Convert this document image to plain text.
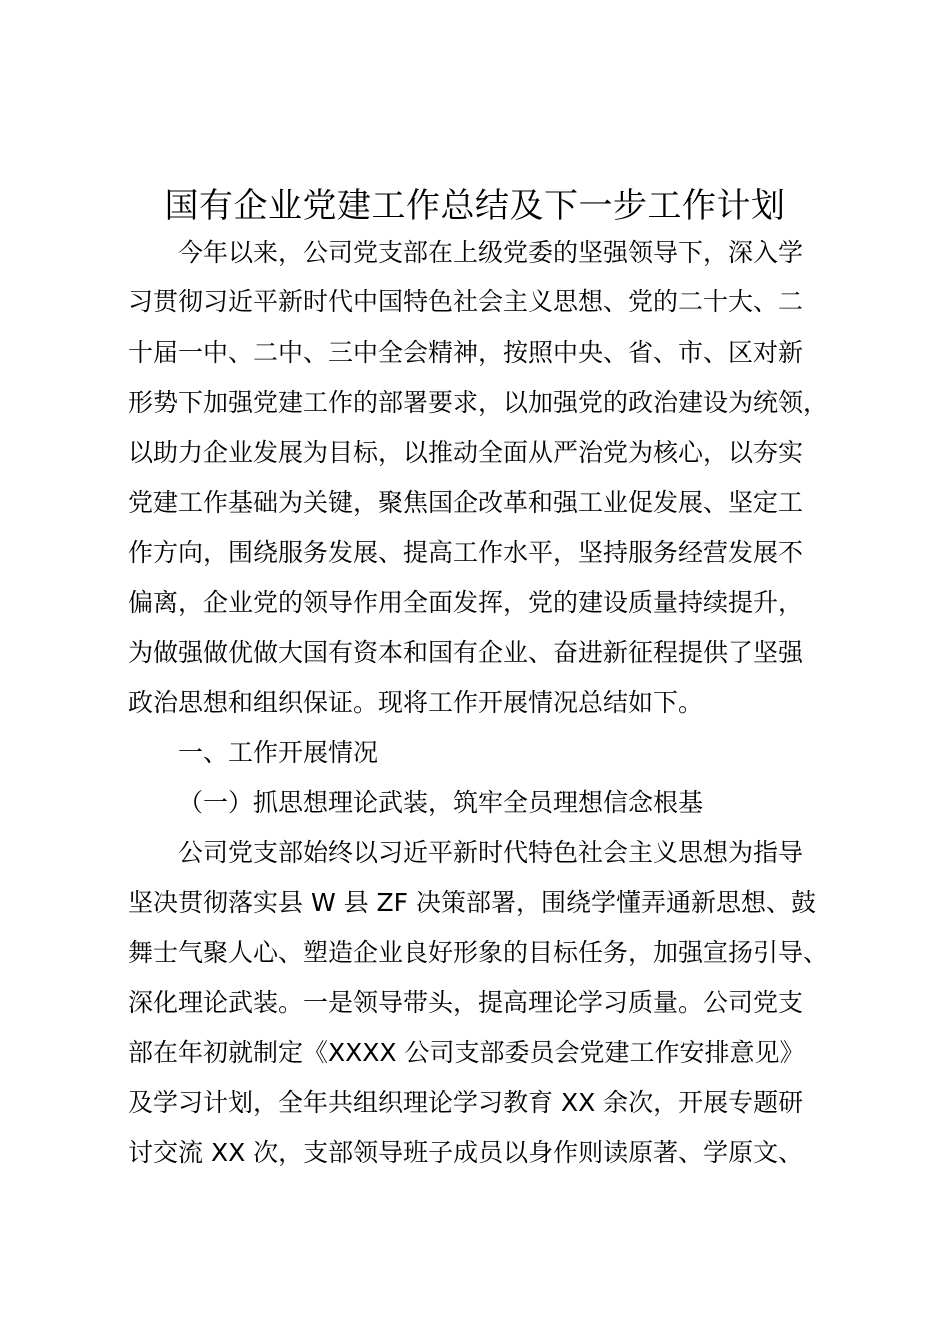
国有企业党建工作总结及下一步工作计划

今年以来，公司党支部在上级党委的坚强领导下，深入学

习贯彻习近平新时代中国特色社会主义思想、党的二十大、二

十届一中、二中、三中全会精神，按照中央、省、市、区对新

形势下加强党建工作的部署要求，以加强党的政治建设为统领，

以助力企业发展为目标，以推动全面从严治党为核心，以夯实

党建工作基础为关键，聚焦国企改革和强工业促发展、坚定工

作方向，围绕服务发展、提高工作水平，坚持服务经营发展不

偏离，企业党的领导作用全面发挥，党的建设质量持续提升，

为做强做优做大国有资本和国有企业、奋进新征程提供了坚强

政治思想和组织保证。现将工作开展情况总结如下。

一、工作开展情况

（一）抓思想理论武装，筑牢全员理想信念根基

公司党支部始终以习近平新时代特色社会主义思想为指导

坚决贯彻落实县 W 县 ZF 决策部署，围绕学懂弄通新思想、鼓

舞士气聚人心、塑造企业良好形象的目标任务，加强宣扬引导、

深化理论武装。一是领导带头，提高理论学习质量。公司党支

部在年初就制定《XXXX 公司支部委员会党建工作安排意见》

及学习计划，全年共组织理论学习教育 XX 余次，开展专题研

讨交流 XX 次，支部领导班子成员以身作则读原著、学原文、
